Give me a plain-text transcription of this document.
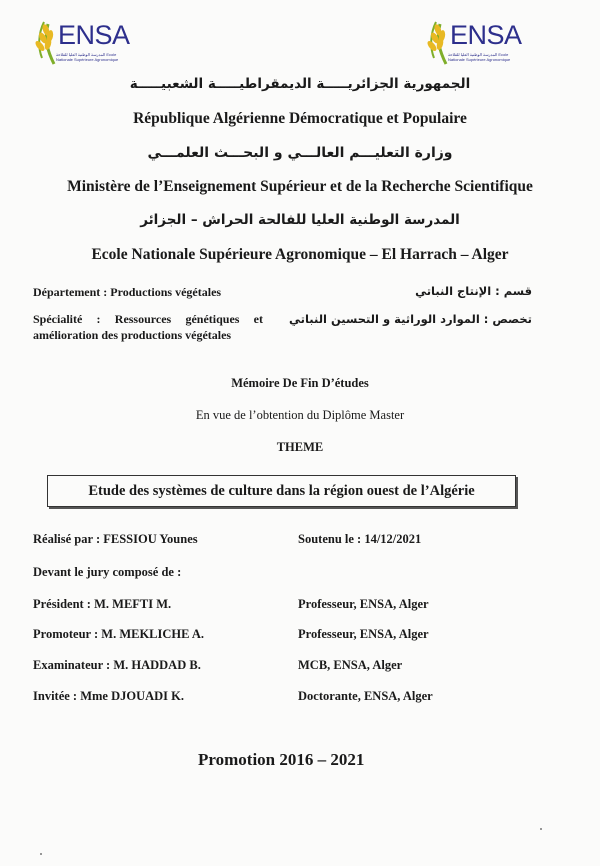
ENSA
المدرسة الوطنية العليا للفلاحة Ecole Nationale Supérieure Agronomique
ENSA
المدرسة الوطنية العليا للفلاحة Ecole Nationale Supérieure Agronomique
الجمهورية الجزائريـــــة الديمقراطيـــــة الشعبيـــــة
République Algérienne Démocratique et Populaire
وزارة التعليـــم العالـــي و البحـــث العلمـــي
Ministère de l’Enseignement Supérieur et de la Recherche Scientifique
المدرسة الوطنية العليا للفالحة الحراش – الجزائر
Ecole Nationale Supérieure Agronomique – El Harrach – Alger
Département : Productions végétales	قسم : الإنتاج النباتي
Spécialité : Ressources génétiques et
amélioration des productions végétales
تخصص : الموارد الوراثية و التحسين النباتي
Mémoire De Fin D’études
En vue de l’obtention du Diplôme Master
THEME
Etude des systèmes de culture dans la région ouest de l’Algérie
Réalisé par : FESSIOU Younes	Soutenu le : 14/12/2021
Devant le jury composé de :
Président : M. MEFTI M.	Professeur, ENSA, Alger
Promoteur : M. MEKLICHE A.	Professeur, ENSA, Alger
Examinateur : M. HADDAD B.	MCB, ENSA, Alger
Invitée : Mme DJOUADI K.	Doctorante, ENSA, Alger
Promotion 2016 – 2021
